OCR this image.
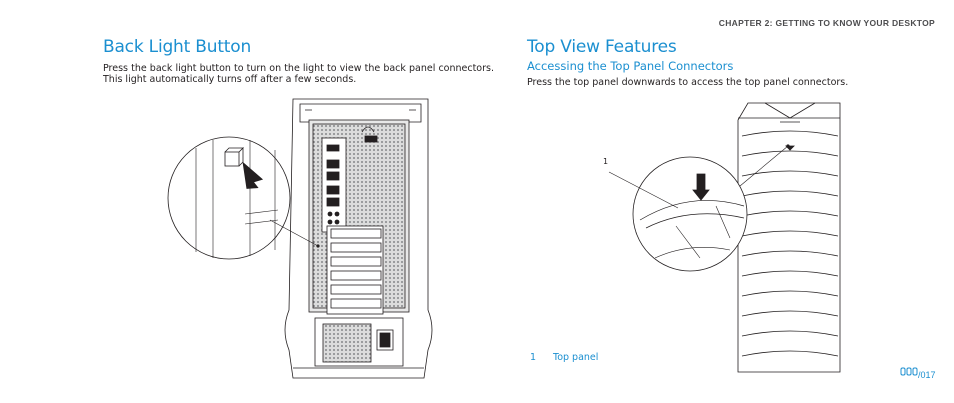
CHAPTER 2: GETTING TO KNOW YOUR DESKTOP
Back Light Button
Press the back light button to turn on the light to view the back panel connectors. This light automatically turns off after a few seconds.
Top View Features
Accessing the Top Panel Connectors
Press the top panel downwards to access the top panel connectors.
1
1 Top panel
/017
